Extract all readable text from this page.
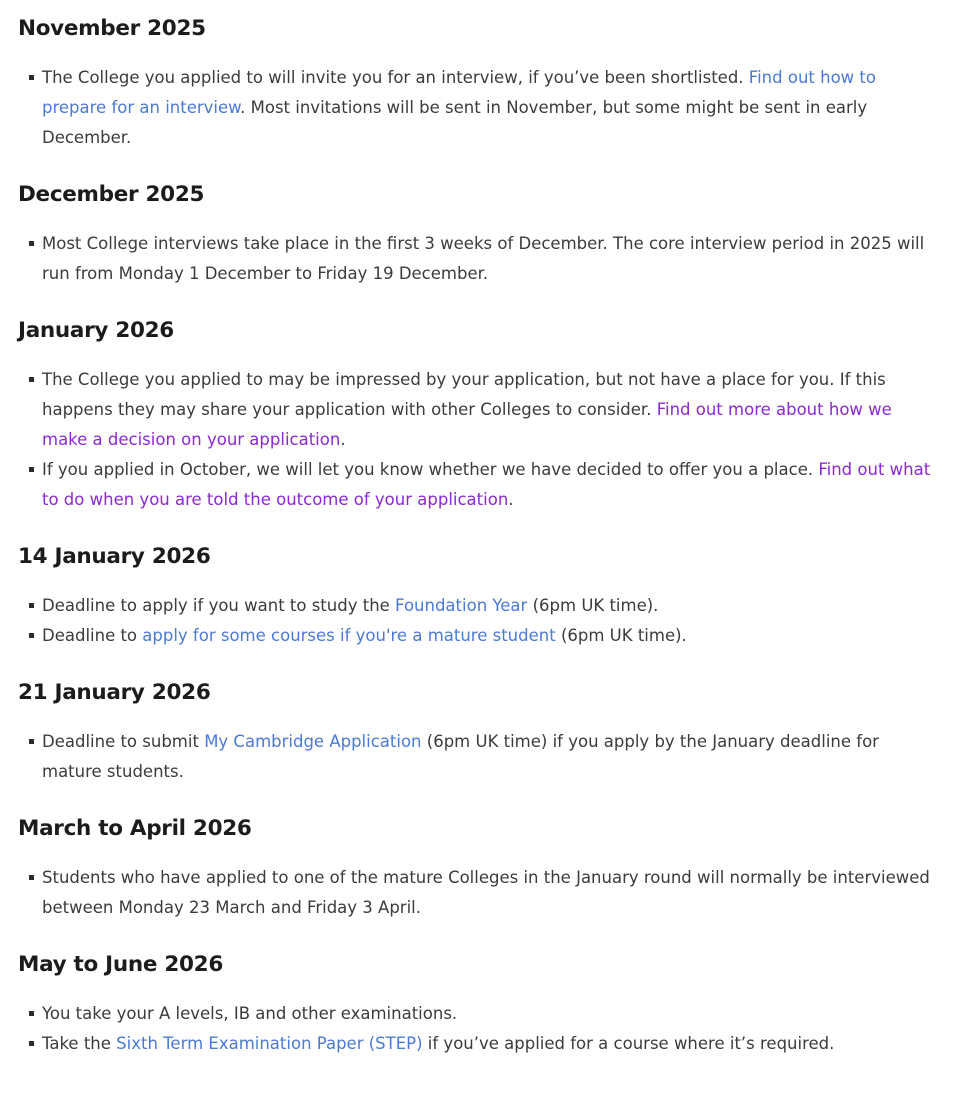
November 2025
The College you applied to will invite you for an interview, if you’ve been shortlisted. Find out how to prepare for an interview. Most invitations will be sent in November, but some might be sent in early December.
December 2025
Most College interviews take place in the first 3 weeks of December. The core interview period in 2025 will run from Monday 1 December to Friday 19 December.
January 2026
The College you applied to may be impressed by your application, but not have a place for you. If this happens they may share your application with other Colleges to consider. Find out more about how we make a decision on your application.
If you applied in October, we will let you know whether we have decided to offer you a place. Find out what to do when you are told the outcome of your application.
14 January 2026
Deadline to apply if you want to study the Foundation Year (6pm UK time).
Deadline to apply for some courses if you're a mature student (6pm UK time).
21 January 2026
Deadline to submit My Cambridge Application (6pm UK time) if you apply by the January deadline for mature students.
March to April 2026
Students who have applied to one of the mature Colleges in the January round will normally be interviewed between Monday 23 March and Friday 3 April.
May to June 2026
You take your A levels, IB and other examinations.
Take the Sixth Term Examination Paper (STEP) if you’ve applied for a course where it’s required.
